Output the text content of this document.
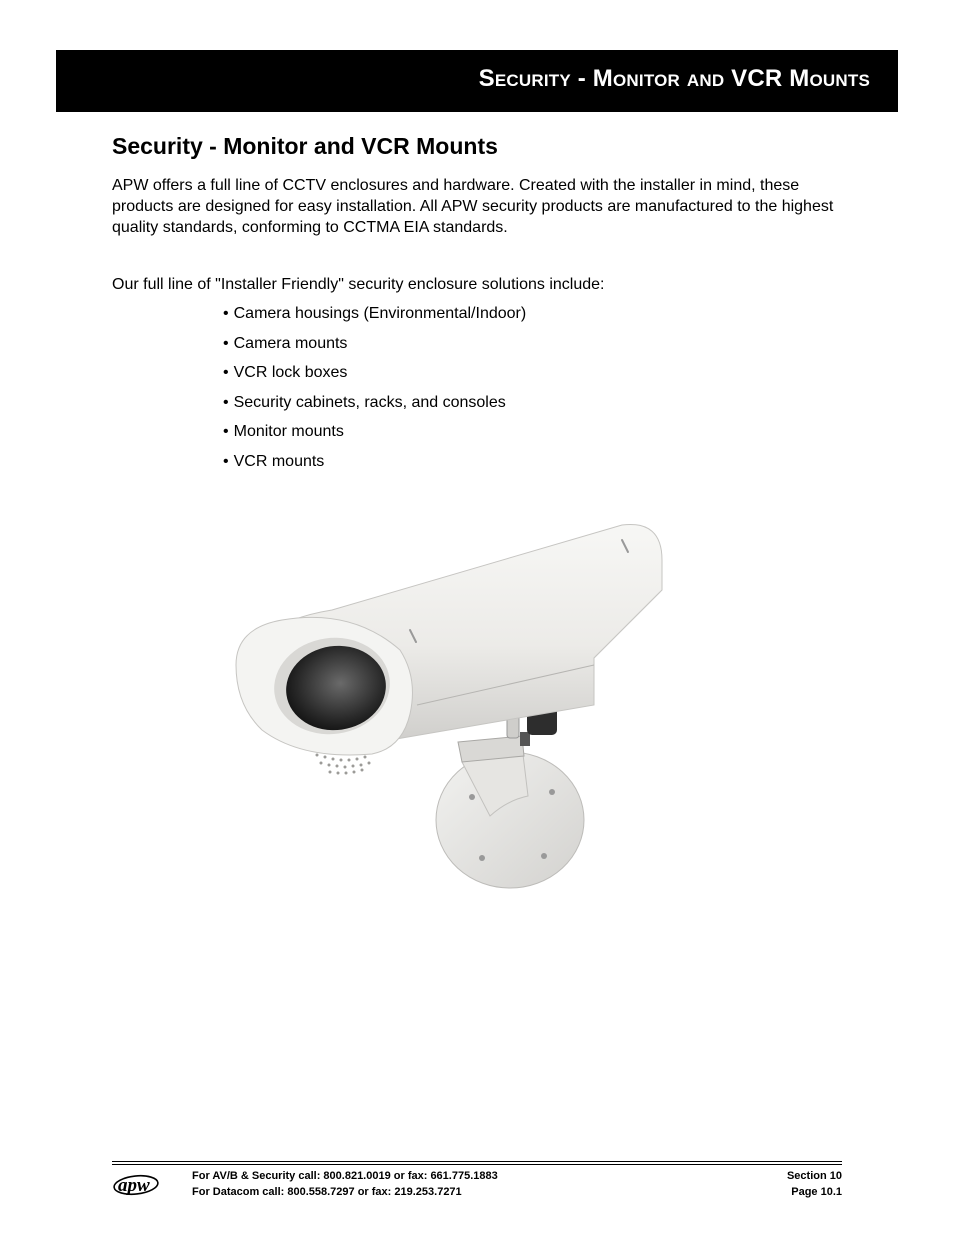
Security - Monitor and VCR Mounts
Security - Monitor and VCR Mounts

APW offers a full line of CCTV enclosures and hardware. Created with the installer in mind, these products are designed for easy installation. All APW security products are manufactured to the highest quality standards, conforming to CCTMA EIA standards.

Our full line of "Installer Friendly" security enclosure solutions include:

• Camera housings (Environmental/Indoor)
• Camera mounts
• VCR lock boxes
• Security cabinets, racks, and consoles
• Monitor mounts
• VCR mounts
apw	For AV/B & Security call: 800.821.0019 or fax: 661.775.1883
For Datacom call: 800.558.7297 or fax: 219.253.7271
Section 10
Page 10.1
